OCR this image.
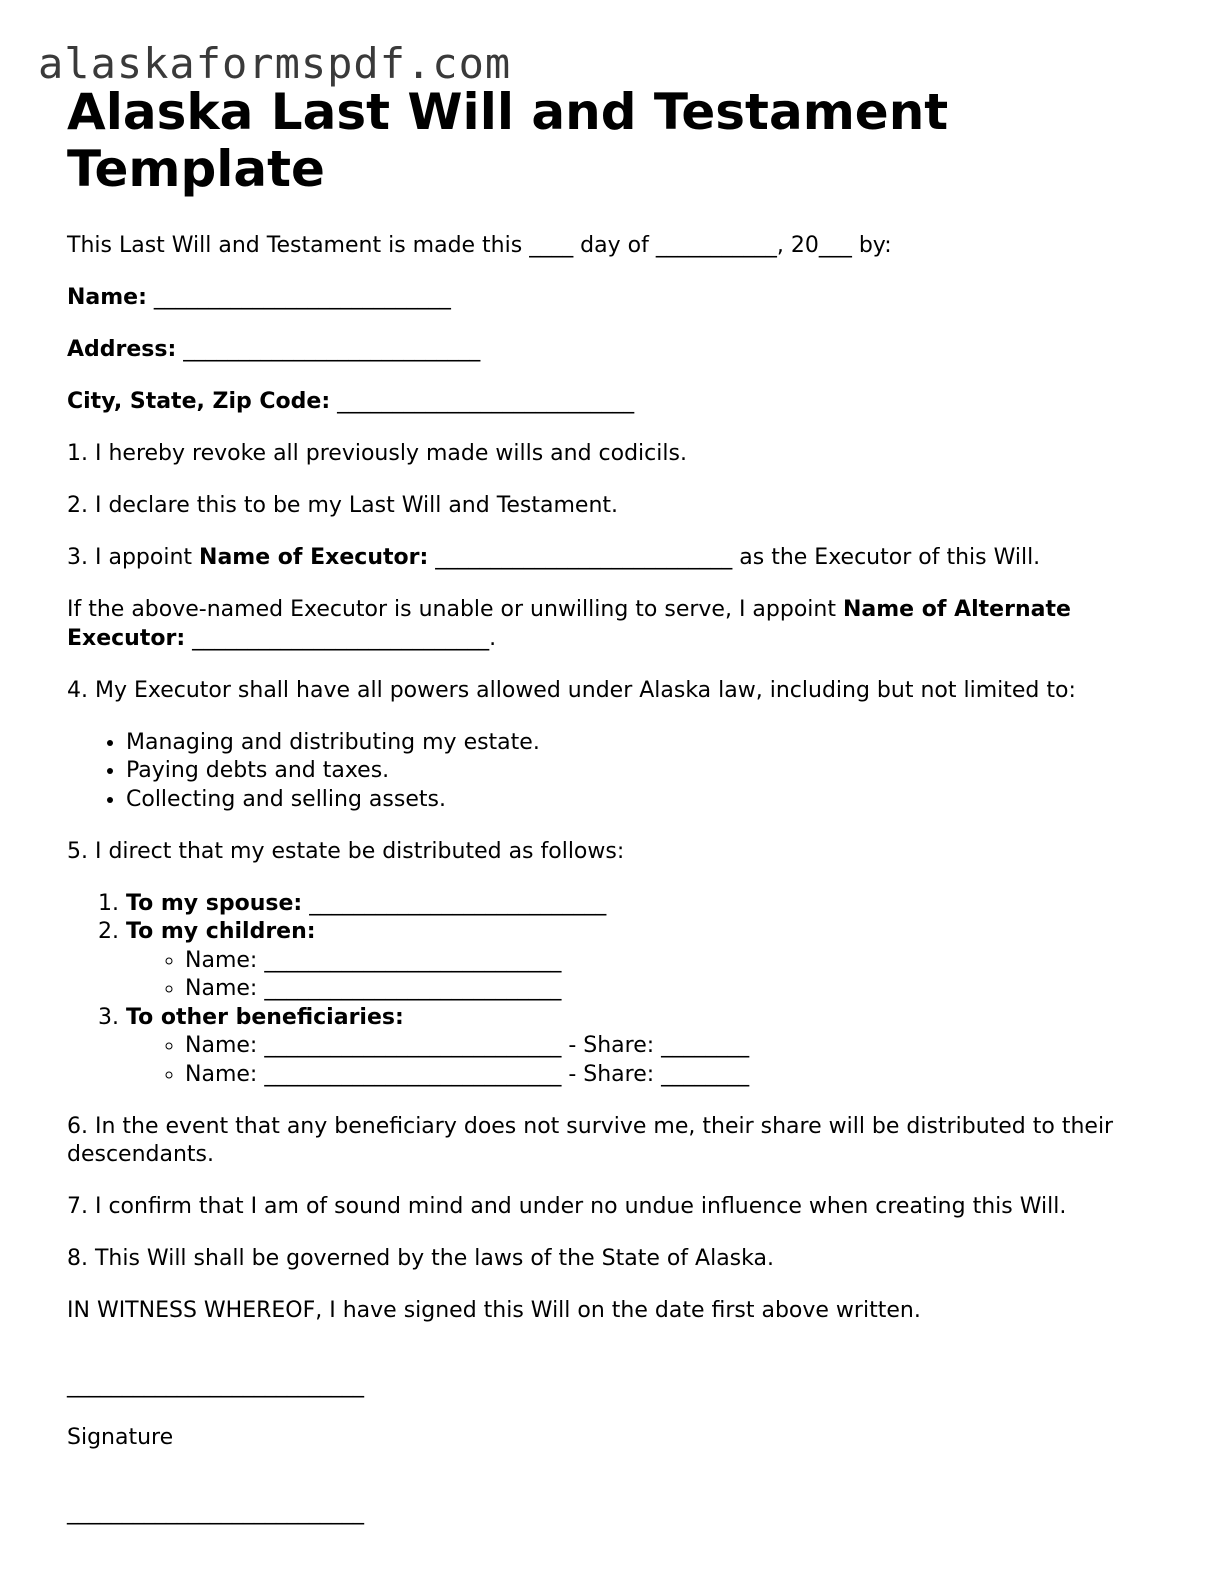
alaskaformspdf.com
Alaska Last Will and Testament Template

This Last Will and Testament is made this ____ day of ___________, 20___ by:

Name: ___________________________

Address: ___________________________

City, State, Zip Code: ___________________________

1. I hereby revoke all previously made wills and codicils.

2. I declare this to be my Last Will and Testament.

3. I appoint Name of Executor: ___________________________ as the Executor of this Will.

If the above-named Executor is unable or unwilling to serve, I appoint Name of Alternate Executor: ___________________________.

4. My Executor shall have all powers allowed under Alaska law, including but not limited to:

• Managing and distributing my estate.
• Paying debts and taxes.
• Collecting and selling assets.

5. I direct that my estate be distributed as follows:

1. To my spouse: ___________________________
2. To my children:
◦ Name: ___________________________
◦ Name: ___________________________
3. To other beneficiaries:
◦ Name: ___________________________ - Share: ________
◦ Name: ___________________________ - Share: ________

6. In the event that any beneficiary does not survive me, their share will be distributed to their descendants.

7. I confirm that I am of sound mind and under no undue influence when creating this Will.

8. This Will shall be governed by the laws of the State of Alaska.

IN WITNESS WHEREOF, I have signed this Will on the date first above written.

___________________________

Signature

___________________________
